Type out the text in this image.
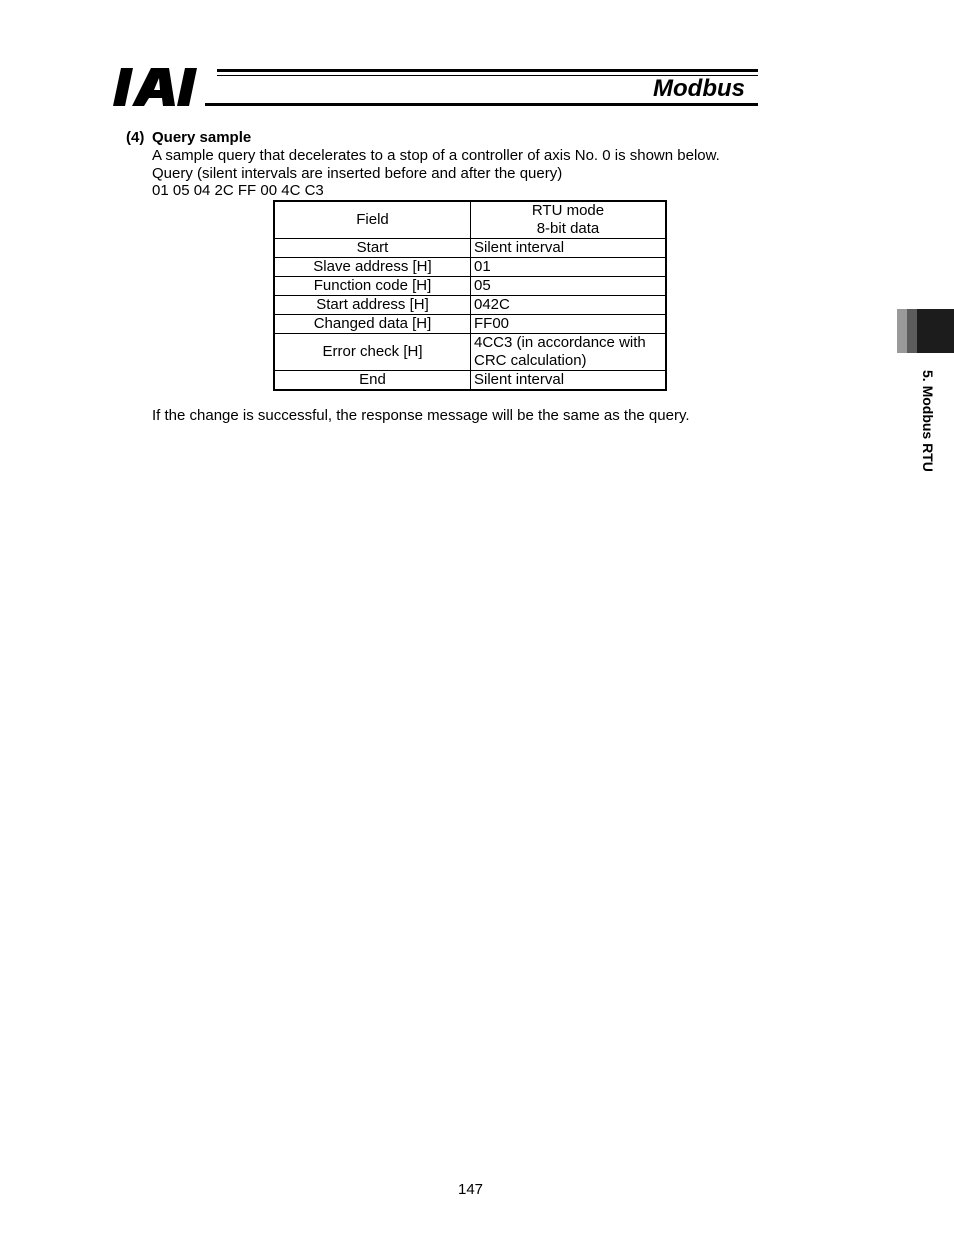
Modbus
(4) Query sample
A sample query that decelerates to a stop of a controller of axis No. 0 is shown below.
Query (silent intervals are inserted before and after the query)
01 05 04 2C FF 00 4C C3
Field	RTU mode
8-bit data

Start	Silent interval
Slave address [H]	01
Function code [H]	05
Start address [H]	042C
Changed data [H]	FF00
Error check [H]	4CC3 (in accordance with
CRC calculation)

End	Silent interval
If the change is successful, the response message will be the same as the query.	5. Modbus RTU
147
